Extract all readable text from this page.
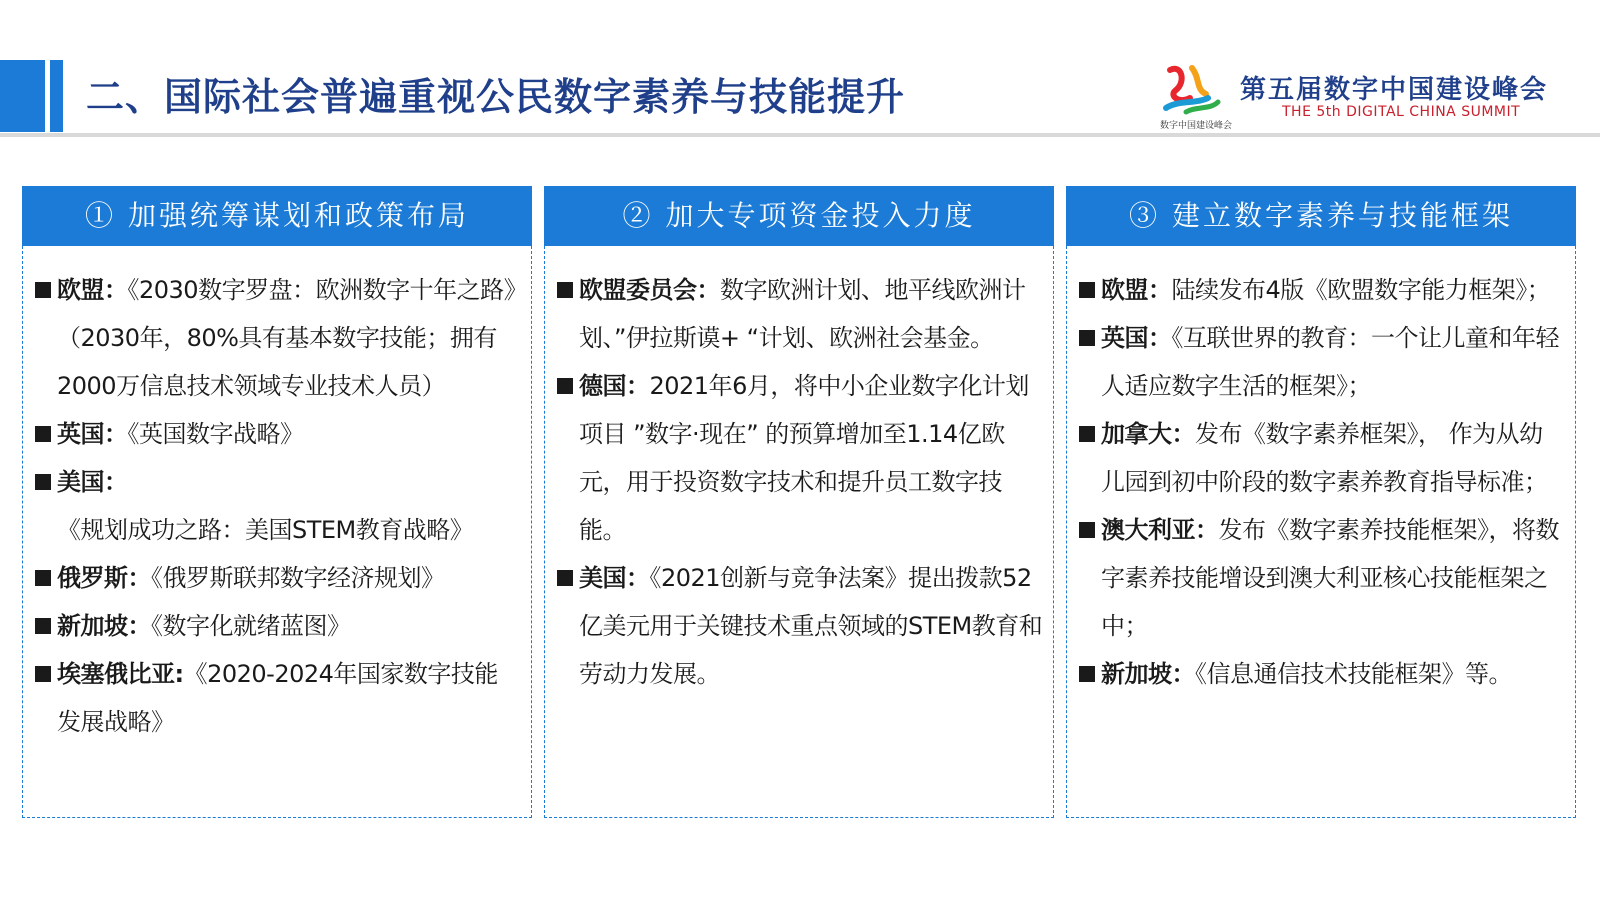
二、国际社会普遍重视公民数字素养与技能提升
数字中国建设峰会
第五届数字中国建设峰会
THE 5th DIGITAL CHINA SUMMIT
① 加强统筹谋划和政策布局
欧盟：《2030数字罗盘：欧洲数字十年之路》（2030年，80%具有基本数字技能；拥有2000万信息技术领域专业技术人员）
英国：《英国数字战略》
美国：《规划成功之路：美国STEM教育战略》
俄罗斯：《俄罗斯联邦数字经济规划》
新加坡：《数字化就绪蓝图》
埃塞俄比亚:《2020-2024年国家数字技能发展战略》
② 加大专项资金投入力度
欧盟委员会：数字欧洲计划、地平线欧洲计划、”伊拉斯谟+ “计划、欧洲社会基金。
德国：2021年6月，将中小企业数字化计划项目 ”数字·现在” 的预算增加至1.14亿欧元，用于投资数字技术和提升员工数字技能。
美国：《2021创新与竞争法案》提出拨款52亿美元用于关键技术重点领域的STEM教育和劳动力发展。
③ 建立数字素养与技能框架
欧盟：陆续发布4版《欧盟数字能力框架》；
英国：《互联世界的教育：一个让儿童和年轻人适应数字生活的框架》；
加拿大：发布《数字素养框架》， 作为从幼儿园到初中阶段的数字素养教育指导标准；
澳大利亚：发布《数字素养技能框架》，将数字素养技能增设到澳大利亚核心技能框架之中；
新加坡：《信息通信技术技能框架》等。
